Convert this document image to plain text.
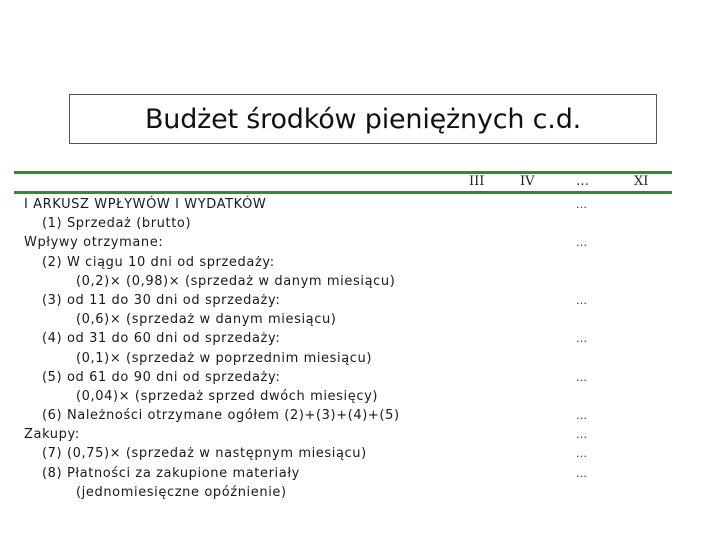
Budżet środków pieniężnych c.d.
III	IV	…	XI
I ARKUSZ WPŁYWÓW I WYDATKÓW	…
(1) Sprzedaż (brutto)
Wpływy otrzymane:	…
(2) W ciągu 10 dni od sprzedaży:
(0,2)× (0,98)× (sprzedaż w danym miesiącu)
(3) od 11 do 30 dni od sprzedaży:	…
(0,6)× (sprzedaż w danym miesiącu)
(4) od 31 do 60 dni od sprzedaży:	…
(0,1)× (sprzedaż w poprzednim miesiącu)
(5) od 61 do 90 dni od sprzedaży:	…
(0,04)× (sprzedaż sprzed dwóch miesięcy)
(6) Należności otrzymane ogółem (2)+(3)+(4)+(5)	…
Zakupy:	…
(7) (0,75)× (sprzedaż w następnym miesiącu)	…
(8) Płatności za zakupione materiały	…
(jednomiesięczne opóźnienie)
